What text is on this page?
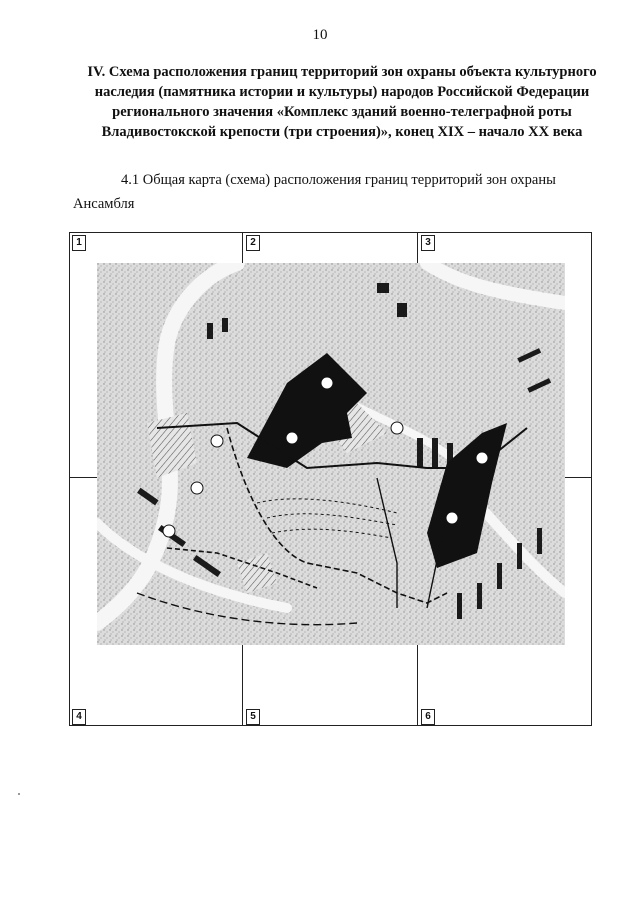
10
IV. Схема расположения границ территорий зон охраны объекта культурного наследия (памятника истории и культуры) народов Российской Федерации регионального значения «Комплекс зданий военно-телеграфной роты Владивостокской крепости (три строения)», конец XIX – начало XX века
4.1 Общая карта (схема) расположения границ территорий зон охраны Ансамбля
1	2	3
4	5	6
